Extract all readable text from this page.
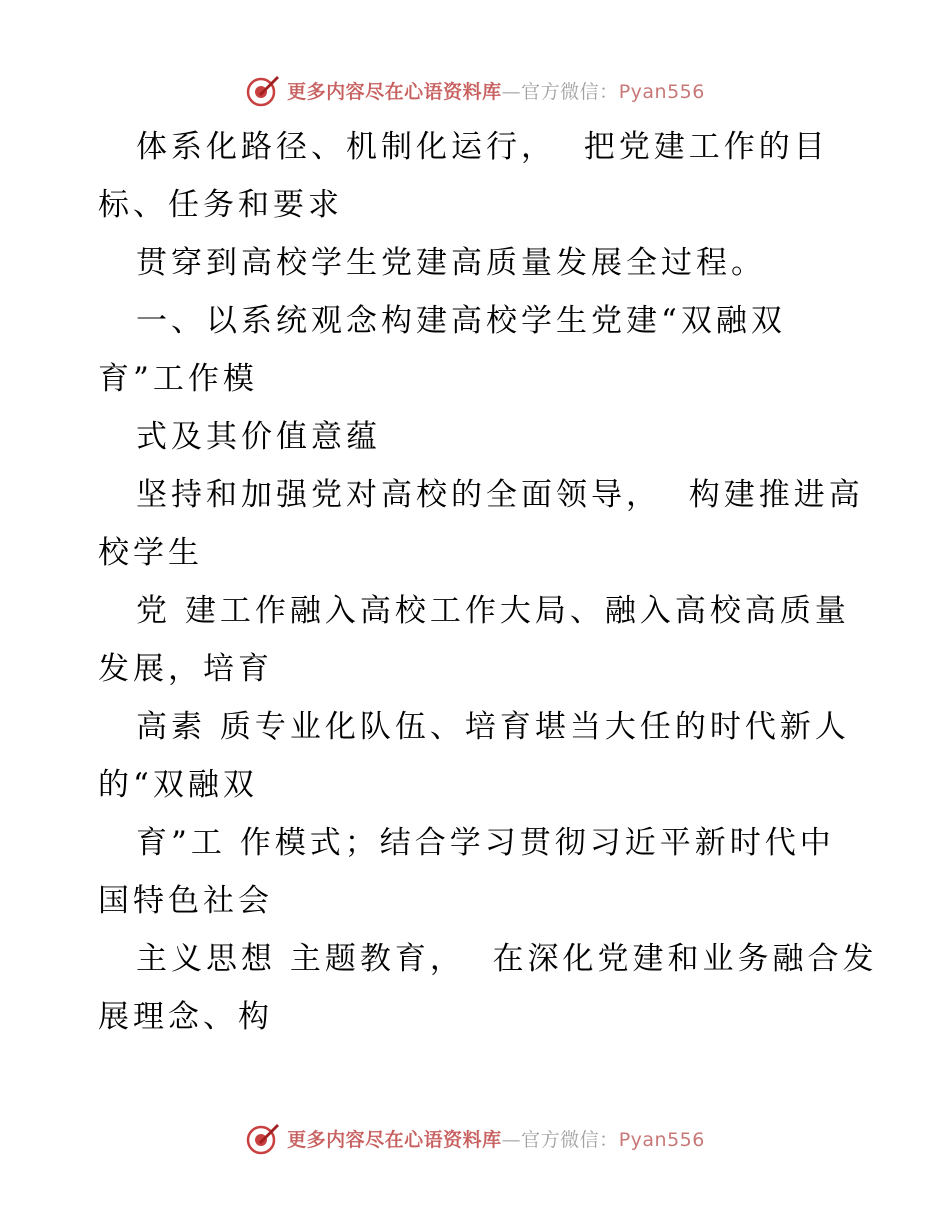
更多内容尽在心语资料库—官方微信：Pyan556
体系化路径、机制化运行，  把党建工作的目
标、任务和要求
贯穿到高校学生党建高质量发展全过程。
一、以系统观念构建高校学生党建“双融双
育”工作模
式及其价值意蕴
坚持和加强党对高校的全面领导，  构建推进高
校学生
党 建工作融入高校工作大局、融入高校高质量
发展，培育
高素 质专业化队伍、培育堪当大任的时代新人
的“双融双
育”工 作模式；结合学习贯彻习近平新时代中
国特色社会
主义思想 主题教育，  在深化党建和业务融合发
展理念、构
更多内容尽在心语资料库—官方微信：Pyan556
